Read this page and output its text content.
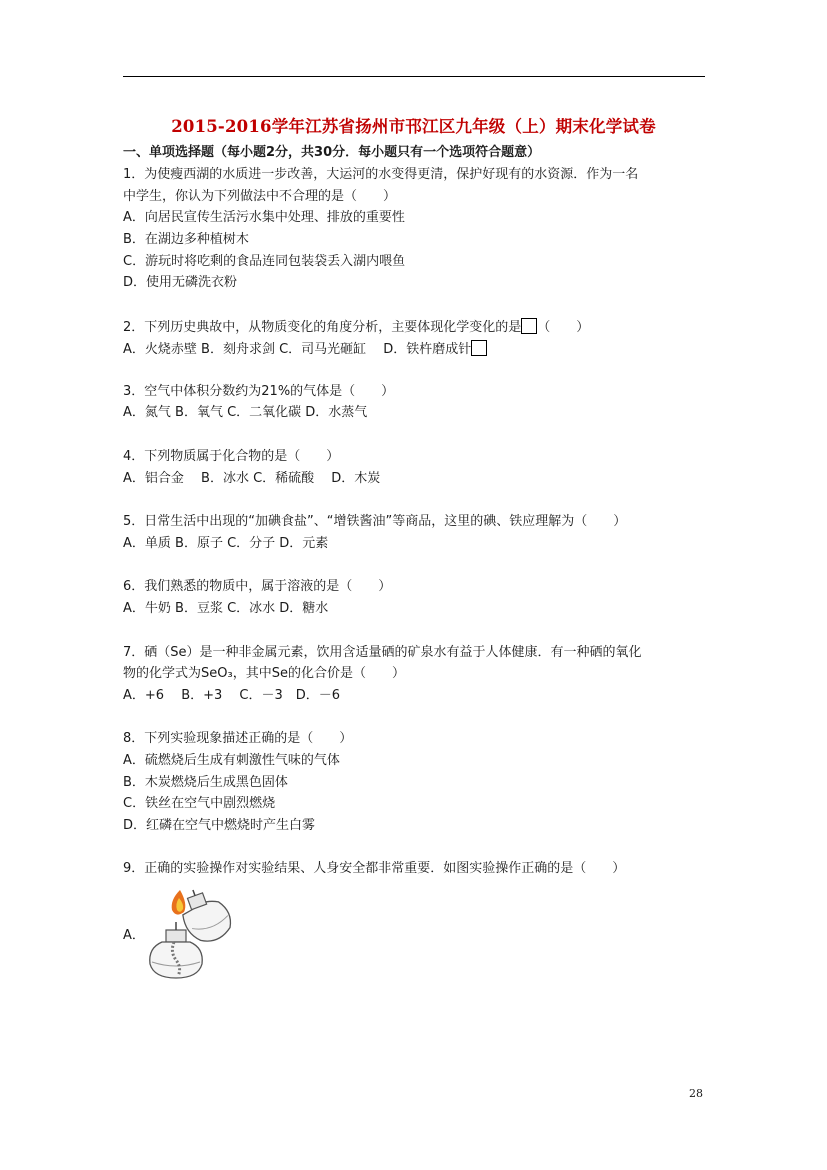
2015-2016学年江苏省扬州市邗江区九年级（上）期末化学试卷
一、单项选择题（每小题2分，共30分．每小题只有一个选项符合题意）
1．为使瘦西湖的水质进一步改善，大运河的水变得更清，保护好现有的水资源．作为一名
中学生，你认为下列做法中不合理的是（　　）
A．向居民宣传生活污水集中处理、排放的重要性
B．在湖边多种植树木
C．游玩时将吃剩的食品连同包装袋丢入湖内喂鱼
D．使用无磷洗衣粉
2．下列历史典故中，从物质变化的角度分析，主要体现化学变化的是 （　　）
A．火烧赤壁 B．刻舟求剑 C．司马光砸缸　 D．铁杵磨成针
3．空气中体积分数约为21%的气体是（　　）
A．氮气 B．氧气 C．二氧化碳 D．水蒸气
4．下列物质属于化合物的是（　　）
A．铝合金　 B．冰水 C．稀硫酸　 D．木炭
5．日常生活中出现的“加碘食盐”、“增铁酱油”等商品，这里的碘、铁应理解为（　　）
A．单质 B．原子 C．分子 D．元素
6．我们熟悉的物质中，属于溶液的是（　　）
A．牛奶 B．豆浆 C．冰水 D．糖水
7．硒（Se）是一种非金属元素，饮用含适量硒的矿泉水有益于人体健康．有一种硒的氧化
物的化学式为SeO₃，其中Se的化合价是（　　）
A．+6　 B．+3　 C．－3　D．－6
8．下列实验现象描述正确的是（　　）
A．硫燃烧后生成有刺激性气味的气体
B．木炭燃烧后生成黑色固体
C．铁丝在空气中剧烈燃烧
D．红磷在空气中燃烧时产生白雾
9．正确的实验操作对实验结果、人身安全都非常重要．如图实验操作正确的是（　　）
A．
28
